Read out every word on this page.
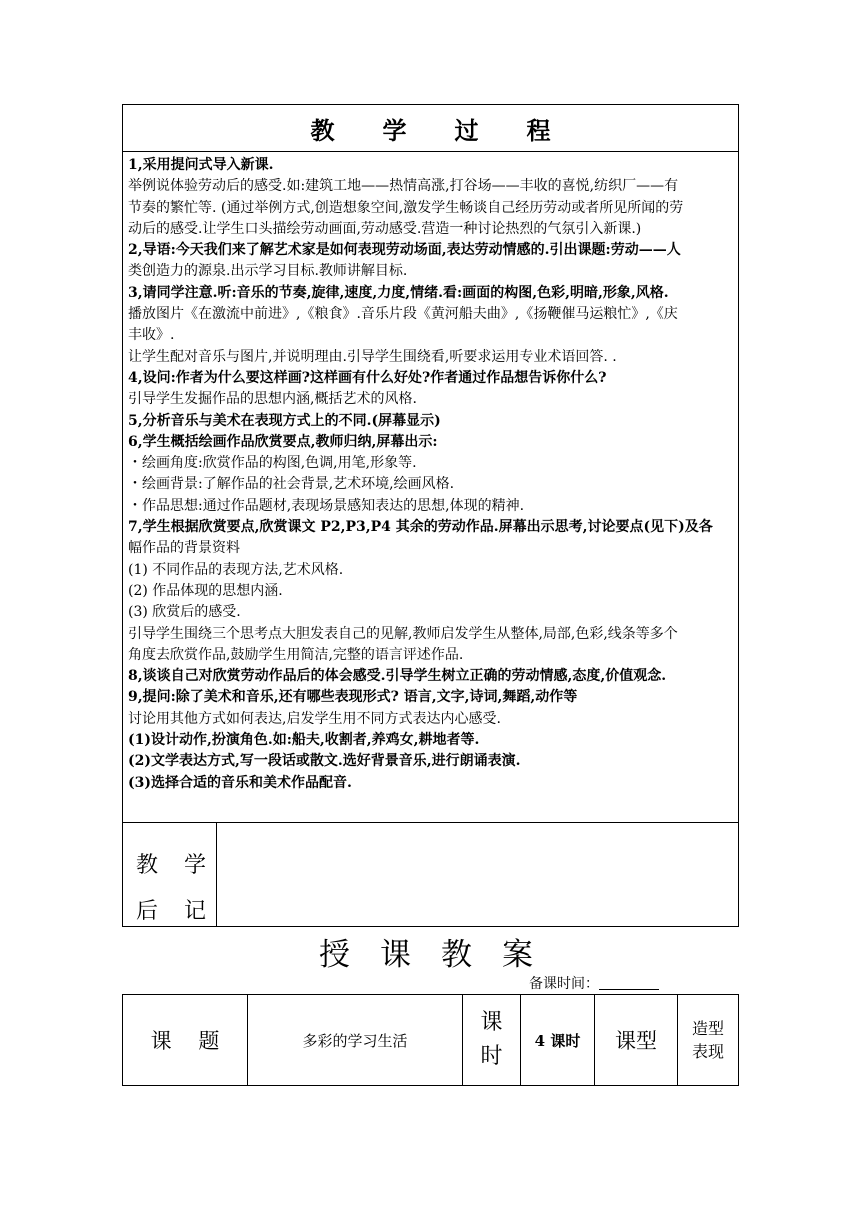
教 学 过 程
1,采用提问式导入新课.
举例说体验劳动后的感受.如:建筑工地——热情高涨,打谷场——丰收的喜悦,纺织厂——有
节奏的繁忙等. (通过举例方式,创造想象空间,激发学生畅谈自己经历劳动或者所见所闻的劳
动后的感受.让学生口头描绘劳动画面,劳动感受.营造一种讨论热烈的气氛引入新课.)
2,导语:今天我们来了解艺术家是如何表现劳动场面,表达劳动情感的.引出课题:劳动——人
类创造力的源泉.出示学习目标.教师讲解目标.
3,请同学注意.听:音乐的节奏,旋律,速度,力度,情绪.看:画面的构图,色彩,明暗,形象,风格.
播放图片《在激流中前进》,《粮食》.音乐片段《黄河船夫曲》,《扬鞭催马运粮忙》,《庆
丰收》.
让学生配对音乐与图片,并说明理由.引导学生围绕看,听要求运用专业术语回答. .
4,设问:作者为什么要这样画?这样画有什么好处?作者通过作品想告诉你什么?
引导学生发掘作品的思想内涵,概括艺术的风格.
5,分析音乐与美术在表现方式上的不同.(屏幕显示)
6,学生概括绘画作品欣赏要点,教师归纳,屏幕出示:
・绘画角度:欣赏作品的构图,色调,用笔,形象等.
・绘画背景:了解作品的社会背景,艺术环境,绘画风格.
・作品思想:通过作品题材,表现场景感知表达的思想,体现的精神.
7,学生根据欣赏要点,欣赏课文 P2,P3,P4 其余的劳动作品.屏幕出示思考,讨论要点(见下)及各
幅作品的背景资料
(1) 不同作品的表现方法,艺术风格.
(2) 作品体现的思想内涵.
(3) 欣赏后的感受.
引导学生围绕三个思考点大胆发表自己的见解,教师启发学生从整体,局部,色彩,线条等多个
角度去欣赏作品,鼓励学生用简洁,完整的语言评述作品.
8,谈谈自己对欣赏劳动作品后的体会感受.引导学生树立正确的劳动情感,态度,价值观念.
9,提问:除了美术和音乐,还有哪些表现形式? 语言,文字,诗词,舞蹈,动作等
讨论用其他方式如何表达,启发学生用不同方式表达内心感受.
(1)设计动作,扮演角色.如:船夫,收割者,养鸡女,耕地者等.
(2)文学表达方式,写一段话或散文.选好背景音乐,进行朗诵表演.
(3)选择合适的音乐和美术作品配音.
教 学
后 记
授 课 教 案
备课时间：
课    题	多彩的学习生活
课
时
4 课时 课型
造型
表现
